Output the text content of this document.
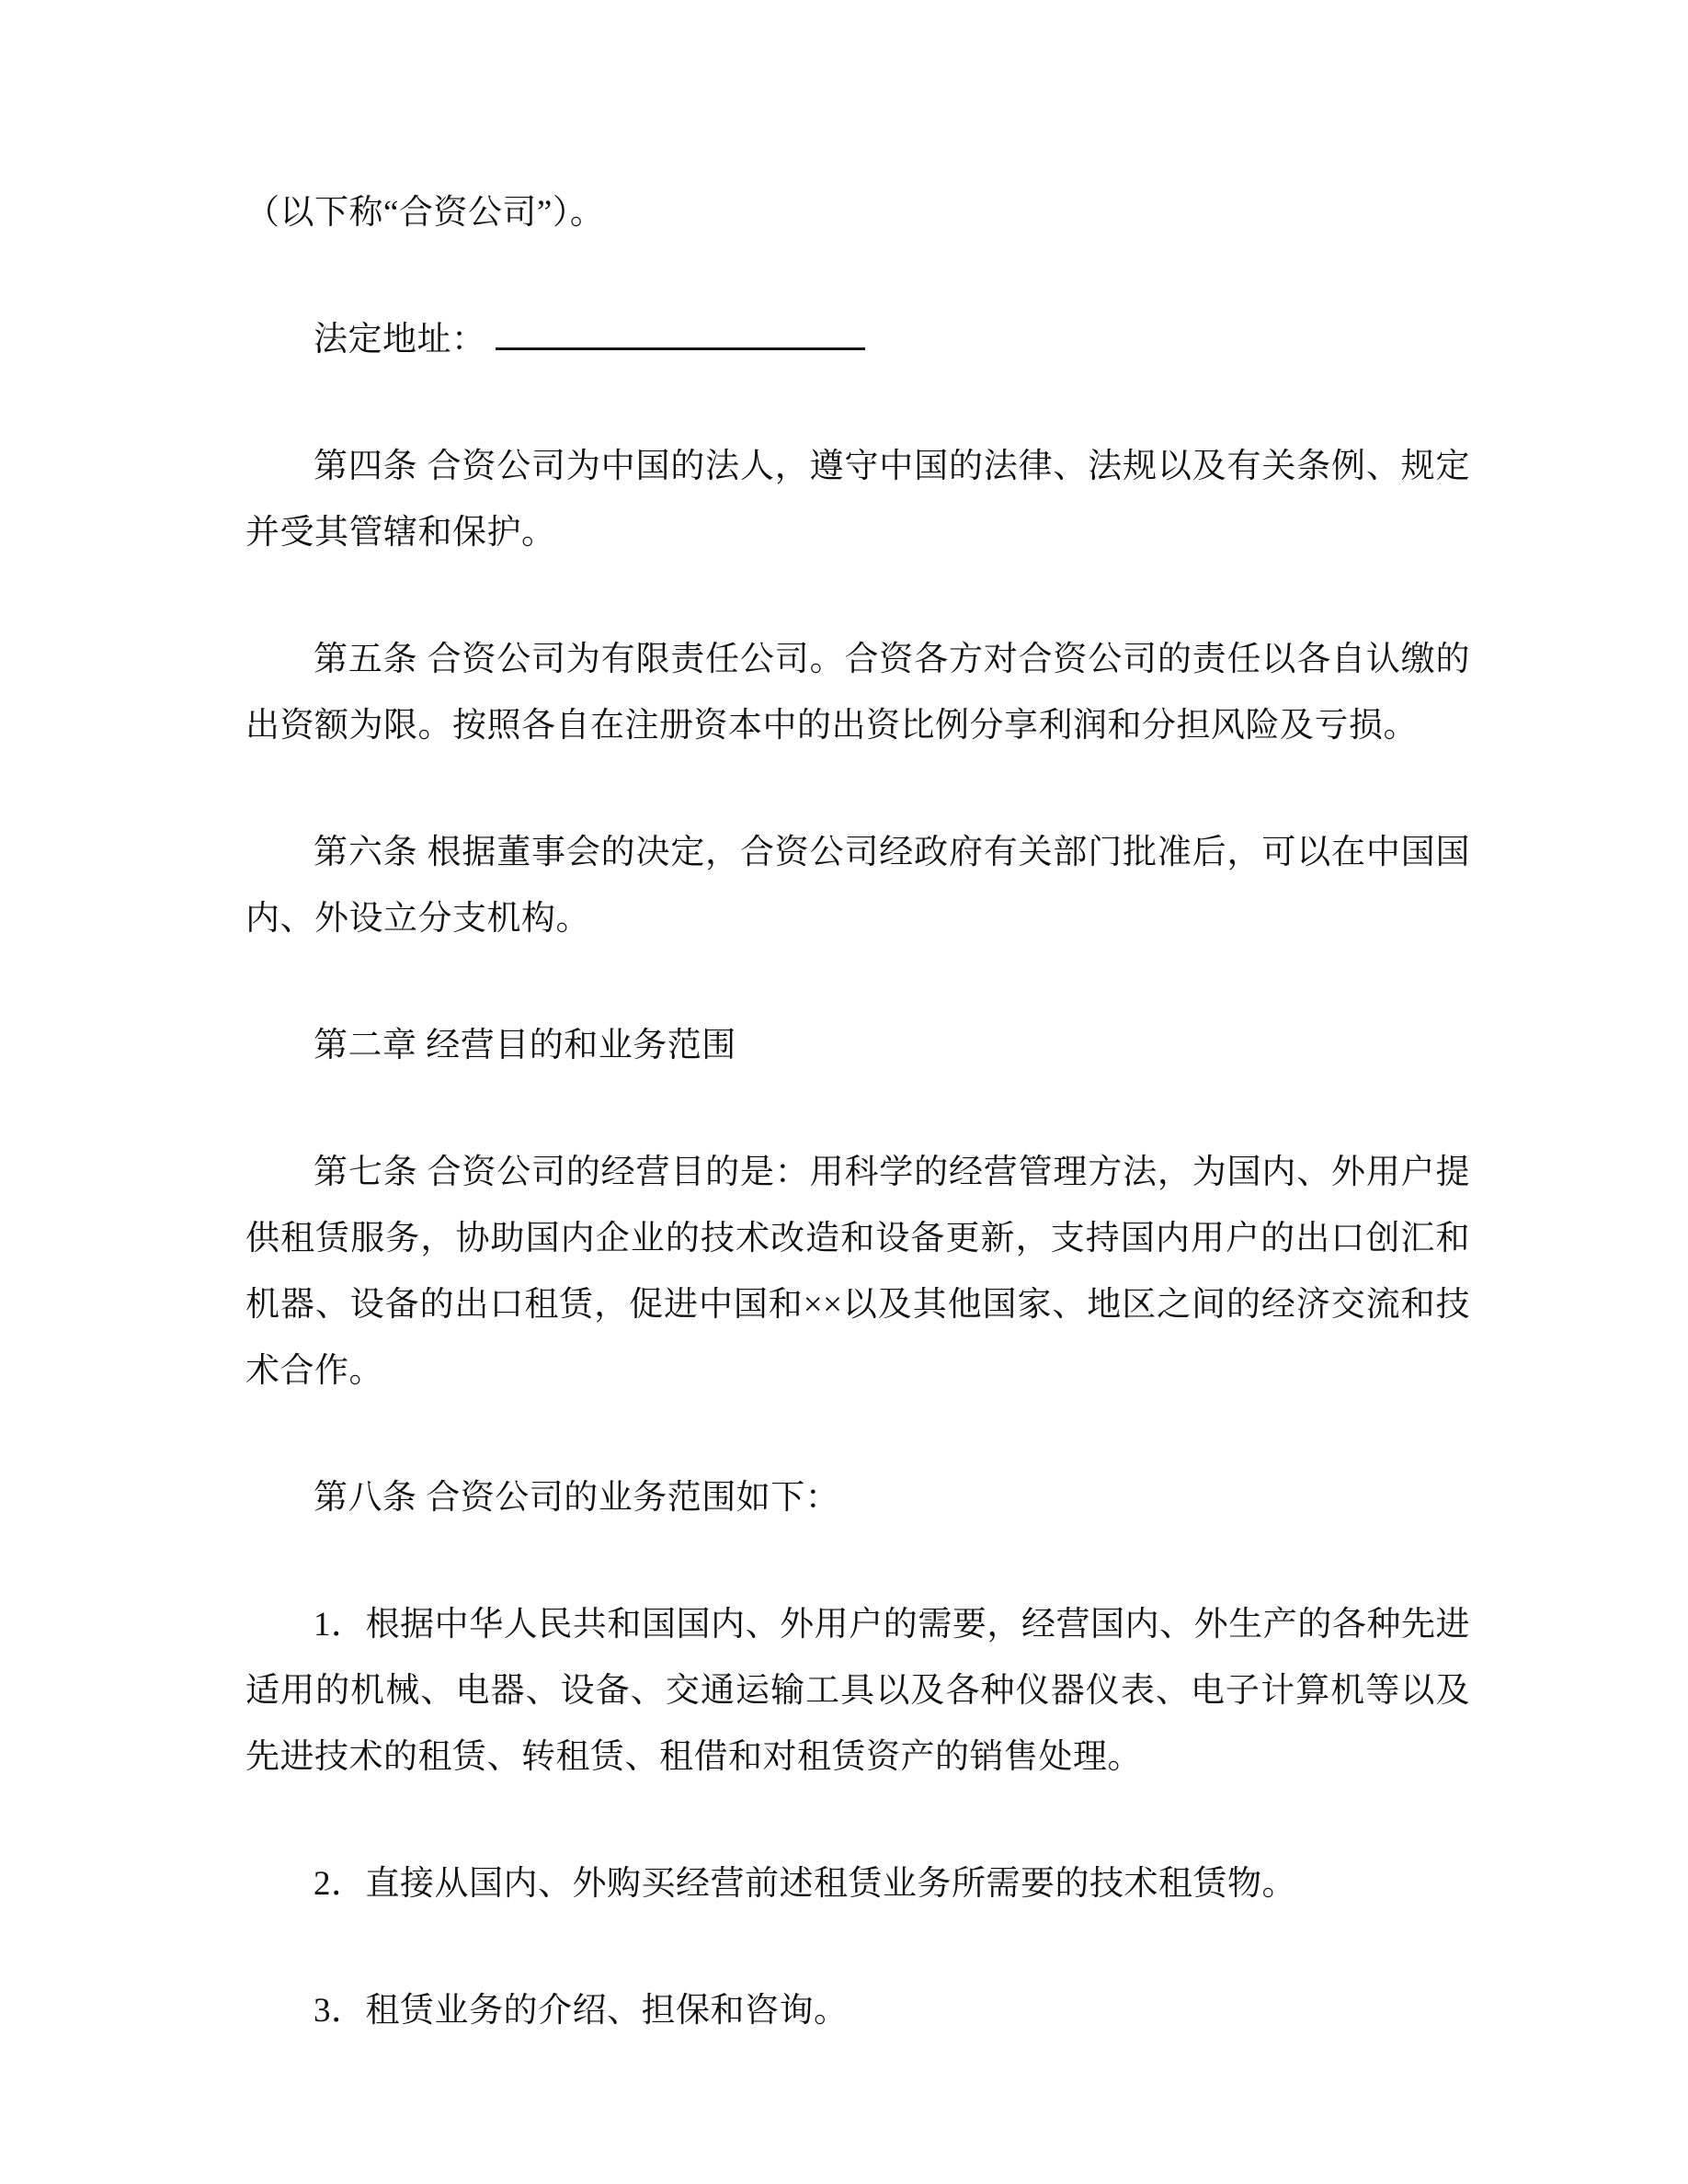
（以下称“合资公司”）。

法定地址：

第四条 合资公司为中国的法人，遵守中国的法律、法规以及有关条例、规定并受其管辖和保护。

第五条 合资公司为有限责任公司。合资各方对合资公司的责任以各自认缴的出资额为限。按照各自在注册资本中的出资比例分享利润和分担风险及亏损。

第六条 根据董事会的决定，合资公司经政府有关部门批准后，可以在中国国内、外设立分支机构。

第二章 经营目的和业务范围

第七条 合资公司的经营目的是：用科学的经营管理方法，为国内、外用户提供租赁服务，协助国内企业的技术改造和设备更新，支持国内用户的出口创汇和机器、设备的出口租赁，促进中国和××以及其他国家、地区之间的经济交流和技术合作。

第八条 合资公司的业务范围如下：

1．根据中华人民共和国国内、外用户的需要，经营国内、外生产的各种先进适用的机械、电器、设备、交通运输工具以及各种仪器仪表、电子计算机等以及先进技术的租赁、转租赁、租借和对租赁资产的销售处理。

2．直接从国内、外购买经营前述租赁业务所需要的技术租赁物。

3．租赁业务的介绍、担保和咨询。
